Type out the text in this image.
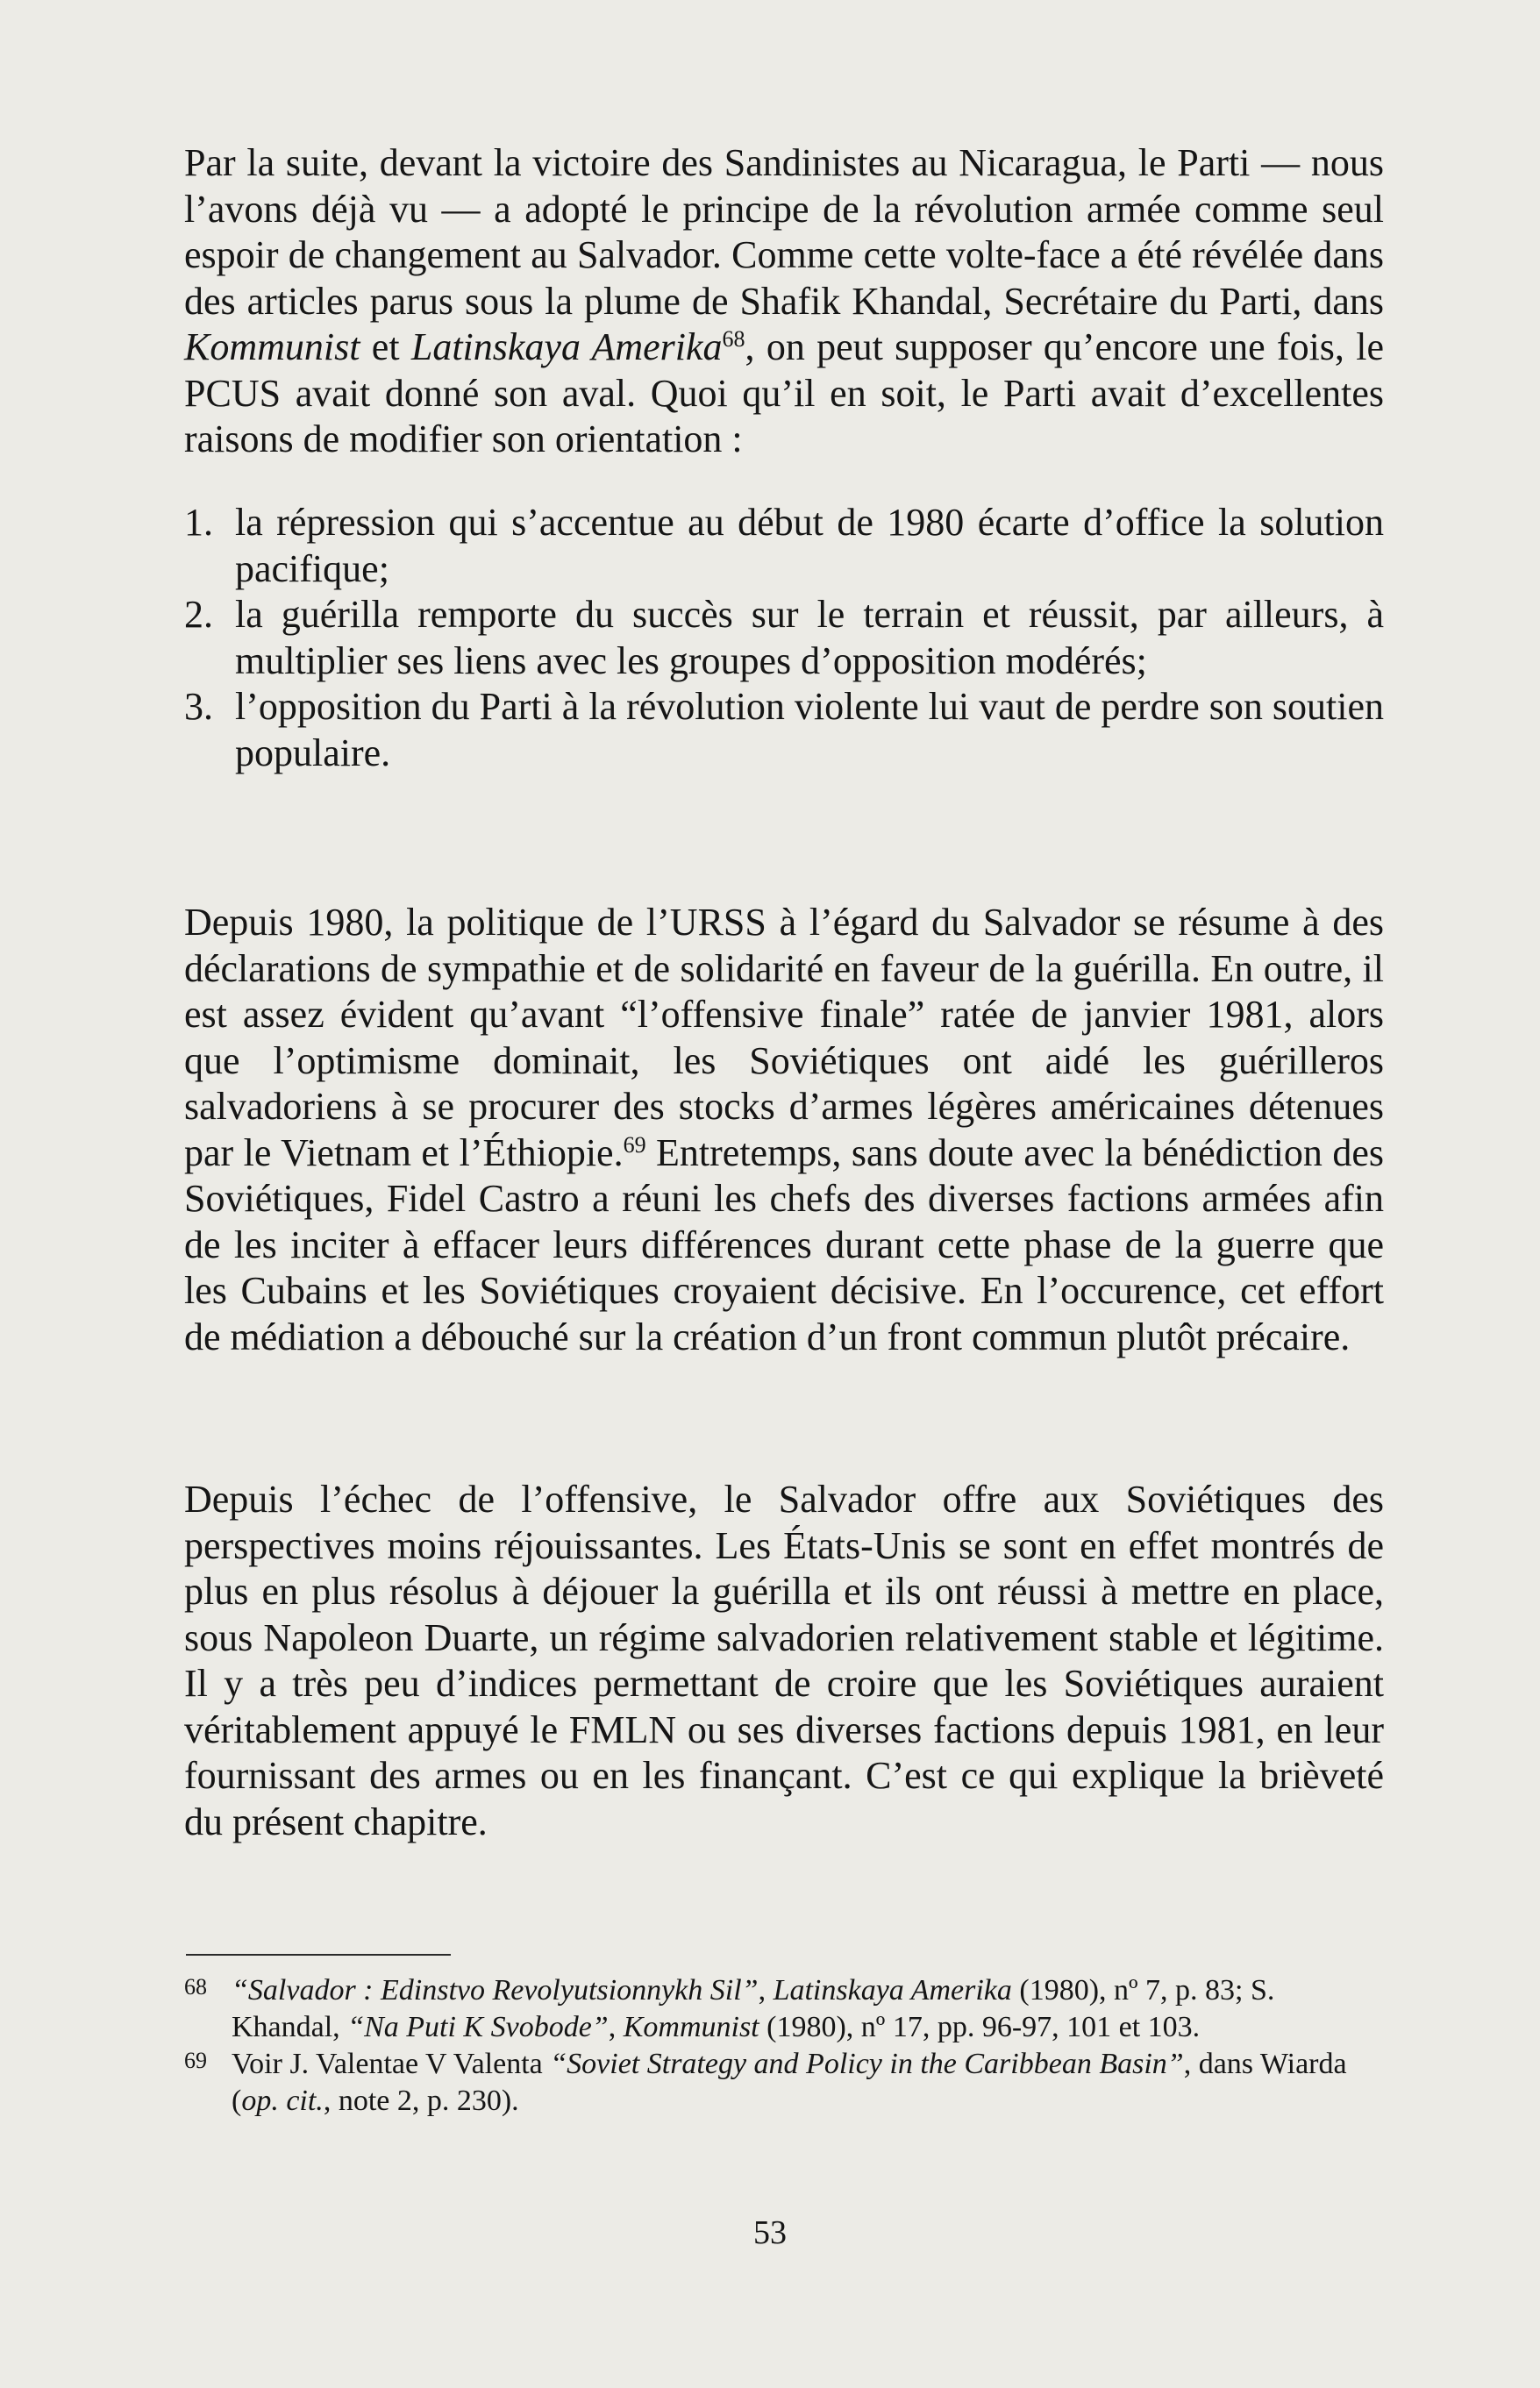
Par la suite, devant la victoire des Sandinistes au Nicaragua, le Parti — nous l’avons déjà vu — a adopté le principe de la révolution armée comme seul espoir de changement au Salvador. Comme cette volte-face a été révélée dans des articles parus sous la plume de Shafik Khandal, Secrétaire du Parti, dans Kommunist et Latinskaya Amerika$^{68}$, on peut supposer qu’encore une fois, le PCUS avait donné son aval. Quoi qu’il en soit, le Parti avait d’excellentes raisons de modifier son orientation :

1. la répression qui s’accentue au début de 1980 écarte d’office la solution pacifique;
2. la guérilla remporte du succès sur le terrain et réussit, par ailleurs, à multiplier ses liens avec les groupes d’opposition modérés;
3. l’opposition du Parti à la révolution violente lui vaut de perdre son soutien populaire.

Depuis 1980, la politique de l’URSS à l’égard du Salvador se résume à des déclarations de sympathie et de solidarité en faveur de la guérilla. En outre, il est assez évident qu’avant “l’offensive finale” ratée de janvier 1981, alors que l’optimisme dominait, les Soviétiques ont aidé les guérilleros salvadoriens à se procurer des stocks d’armes légères américaines détenues par le Vietnam et l’Éthiopie.$^{69}$ Entretemps, sans doute avec la bénédiction des Soviétiques, Fidel Castro a réuni les chefs des diverses factions armées afin de les inciter à effacer leurs différences durant cette phase de la guerre que les Cubains et les Soviétiques croyaient décisive. En l’occurence, cet effort de médiation a débouché sur la création d’un front commun plutôt précaire.

Depuis l’échec de l’offensive, le Salvador offre aux Soviétiques des perspectives moins réjouissantes. Les États-Unis se sont en effet montrés de plus en plus résolus à déjouer la guérilla et ils ont réussi à mettre en place, sous Napoleon Duarte, un régime salvadorien relativement stable et légitime. Il y a très peu d’indices permettant de croire que les Soviétiques auraient véritablement appuyé le FMLN ou ses diverses factions depuis 1981, en leur fournissant des armes ou en les finançant. C’est ce qui explique la brièveté du présent chapitre.

68 “Salvador : Edinstvo Revolyutsionnykh Sil”, Latinskaya Amerika (1980), nº 7, p. 83; S. Khandal, “Na Puti K Svobode”, Kommunist (1980), nº 17, pp. 96-97, 101 et 103.
69 Voir J. Valentae V Valenta “Soviet Strategy and Policy in the Caribbean Basin”, dans Wiarda (op. cit., note 2, p. 230).
53
